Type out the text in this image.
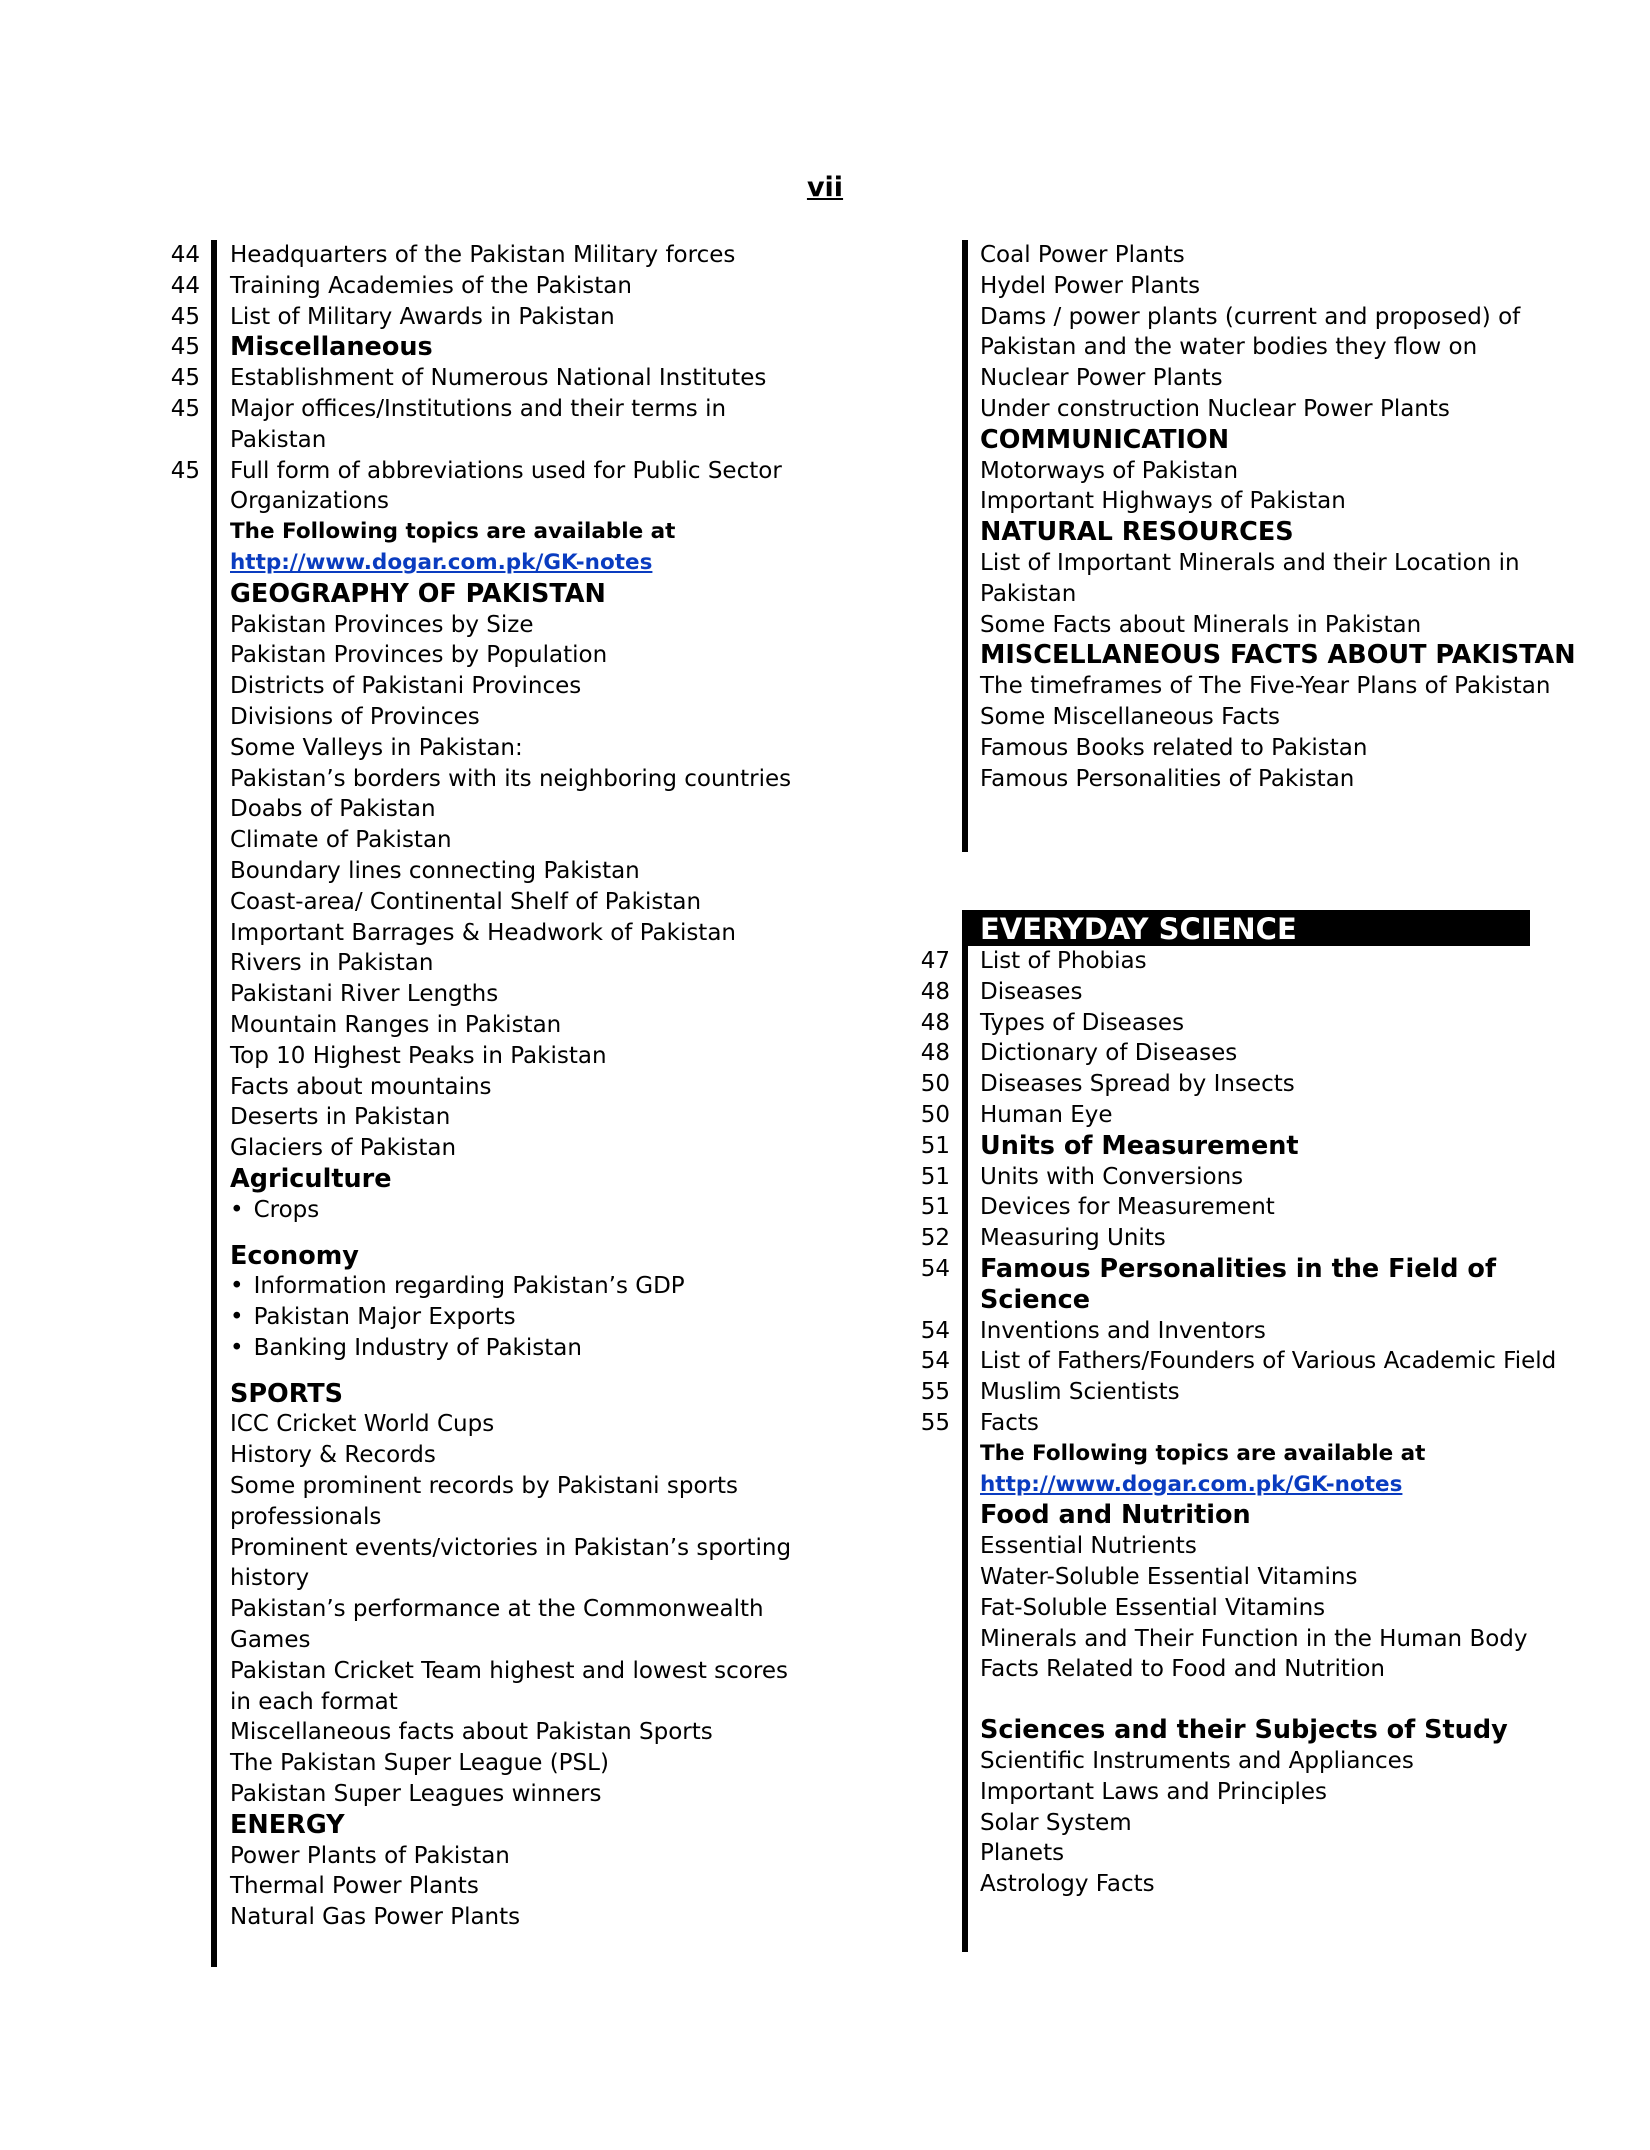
vii
44 Headquarters of the Pakistan Military forces
44 Training Academies of the Pakistan
45 List of Military Awards in Pakistan
45 Miscellaneous
45 Establishment of Numerous National Institutes
45 Major offices/Institutions and their terms in Pakistan
45 Full form of abbreviations used for Public Sector Organizations
The Following topics are available at
http://www.dogar.com.pk/GK-notes
GEOGRAPHY OF PAKISTAN
Pakistan Provinces by Size
Pakistan Provinces by Population
Districts of Pakistani Provinces
Divisions of Provinces
Some Valleys in Pakistan:
Pakistan’s borders with its neighboring countries
Doabs of Pakistan
Climate of Pakistan
Boundary lines connecting Pakistan
Coast-area/ Continental Shelf of Pakistan
Important Barrages & Headwork of Pakistan
Rivers in Pakistan
Pakistani River Lengths
Mountain Ranges in Pakistan
Top 10 Highest Peaks in Pakistan
Facts about mountains
Deserts in Pakistan
Glaciers of Pakistan
Agriculture
• Crops
Economy
• Information regarding Pakistan’s GDP
• Pakistan Major Exports
• Banking Industry of Pakistan
SPORTS
ICC Cricket World Cups
History & Records
Some prominent records by Pakistani sports professionals
Prominent events/victories in Pakistan’s sporting history
Pakistan’s performance at the Commonwealth Games
Pakistan Cricket Team highest and lowest scores in each format
Miscellaneous facts about Pakistan Sports
The Pakistan Super League (PSL)
Pakistan Super Leagues winners
ENERGY
Power Plants of Pakistan
Thermal Power Plants
Natural Gas Power Plants
Coal Power Plants
Hydel Power Plants
Dams / power plants (current and proposed) of Pakistan and the water bodies they flow on
Nuclear Power Plants
Under construction Nuclear Power Plants
COMMUNICATION
Motorways of Pakistan
Important Highways of Pakistan
NATURAL RESOURCES
List of Important Minerals and their Location in Pakistan
Some Facts about Minerals in Pakistan
MISCELLANEOUS FACTS ABOUT PAKISTAN
The timeframes of The Five-Year Plans of Pakistan
Some Miscellaneous Facts
Famous Books related to Pakistan
Famous Personalities of Pakistan
EVERYDAY SCIENCE
47 List of Phobias
48 Diseases
48 Types of Diseases
48 Dictionary of Diseases
50 Diseases Spread by Insects
50 Human Eye
51 Units of Measurement
51 Units with Conversions
51 Devices for Measurement
52 Measuring Units
54 Famous Personalities in the Field of Science
54 Inventions and Inventors
54 List of Fathers/Founders of Various Academic Field
55 Muslim Scientists
55 Facts
The Following topics are available at
http://www.dogar.com.pk/GK-notes
Food and Nutrition
Essential Nutrients
Water-Soluble Essential Vitamins
Fat-Soluble Essential Vitamins
Minerals and Their Function in the Human Body
Facts Related to Food and Nutrition
Sciences and their Subjects of Study
Scientific Instruments and Appliances
Important Laws and Principles
Solar System
Planets
Astrology Facts
